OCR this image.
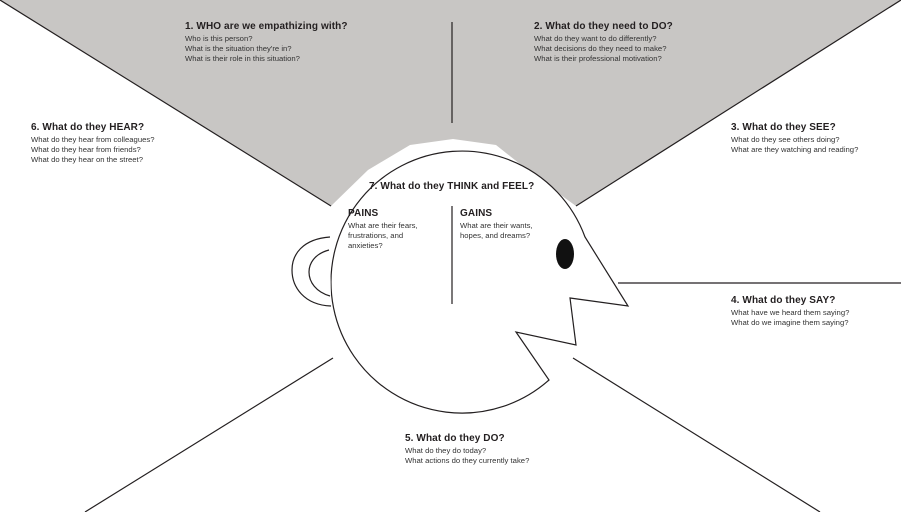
1. WHO are we empathizing with?

Who is this person?

What is the situation they're in?

What is their role in this situation?

2. What do they need to DO?

What do they want to do differently?

What decisions do they need to make?

What is their professional motivation?

6. What do they HEAR?

What do they hear from colleagues?

What do they hear from friends?

What do they hear on the street?

3. What do they SEE?

What do they see others doing?

What are they watching and reading?

4. What do they SAY?

What have we heard them saying?

What do we imagine them saying?

5. What do they DO?

What do they do today?

What actions do they currently take?

7. What do they THINK and FEEL?

PAINS

What are their fears,

frustrations, and

anxieties?

GAINS

What are their wants,

hopes, and dreams?
